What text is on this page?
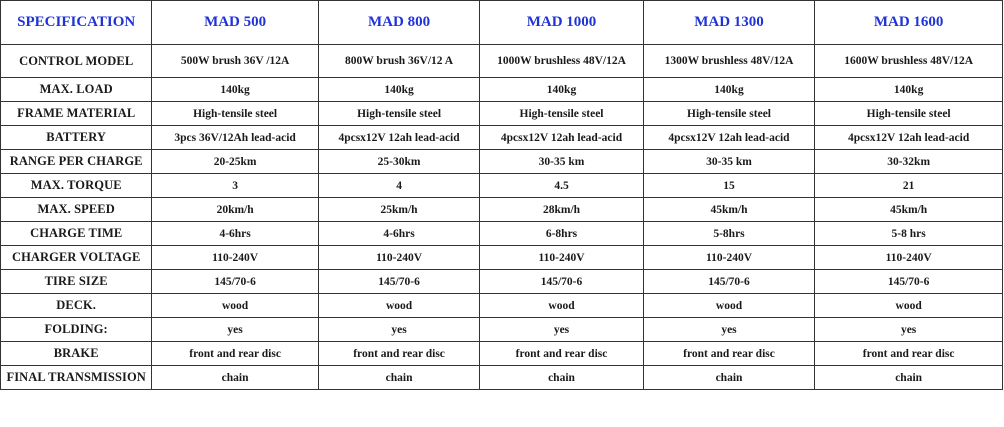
SPECIFICATION	MAD 500	MAD 800	MAD 1000	MAD 1300	MAD 1600
CONTROL MODEL	500W brush 36V /12A	800W brush 36V/12 A	1000W brushless 48V/12A	1300W brushless 48V/12A	1600W brushless 48V/12A
MAX. LOAD	140kg	140kg	140kg	140kg	140kg
FRAME MATERIAL	High-tensile steel	High-tensile steel	High-tensile steel	High-tensile steel	High-tensile steel
BATTERY	3pcs 36V/12Ah lead-acid	4pcsx12V 12ah lead-acid	4pcsx12V 12ah lead-acid	4pcsx12V 12ah lead-acid	4pcsx12V 12ah lead-acid
RANGE PER CHARGE	20-25km	25-30km	30-35 km	30-35 km	30-32km
MAX. TORQUE	3	4	4.5	15	21
MAX. SPEED	20km/h	25km/h	28km/h	45km/h	45km/h
CHARGE TIME	4-6hrs	4-6hrs	6-8hrs	5-8hrs	5-8 hrs
CHARGER VOLTAGE	110-240V	110-240V	110-240V	110-240V	110-240V
TIRE SIZE	145/70-6	145/70-6	145/70-6	145/70-6	145/70-6
DECK.	wood	wood	wood	wood	wood
FOLDING:	yes	yes	yes	yes	yes
BRAKE	front and rear disc	front and rear disc	front and rear disc	front and rear disc	front and rear disc
FINAL TRANSMISSION	chain	chain	chain	chain	chain
